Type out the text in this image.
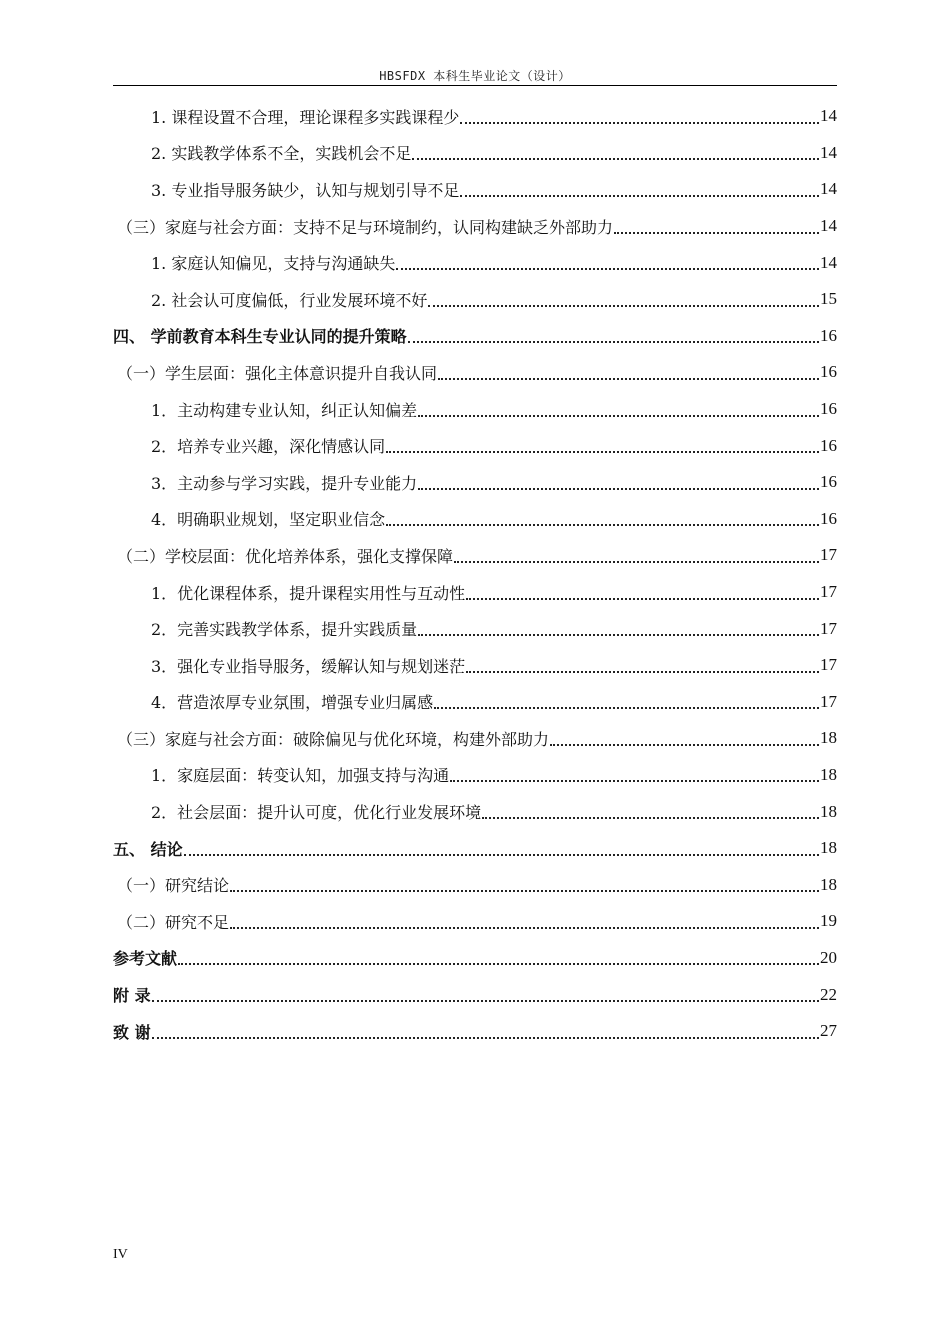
HBSFDX 本科生毕业论文（设计）
1. 课程设置不合理，理论课程多实践课程少	14
2. 实践教学体系不全，实践机会不足	14
3. 专业指导服务缺少，认知与规划引导不足	14
（三）家庭与社会方面：支持不足与环境制约，认同构建缺乏外部助力	14
1. 家庭认知偏见，支持与沟通缺失	14
2. 社会认可度偏低，行业发展环境不好	15
四、 学前教育本科生专业认同的提升策略	16
（一）学生层面：强化主体意识提升自我认同	16
1．主动构建专业认知，纠正认知偏差	16
2．培养专业兴趣，深化情感认同	16
3．主动参与学习实践，提升专业能力	16
4．明确职业规划，坚定职业信念	16
（二）学校层面：优化培养体系，强化支撑保障	17
1．优化课程体系，提升课程实用性与互动性	17
2．完善实践教学体系，提升实践质量	17
3．强化专业指导服务，缓解认知与规划迷茫	17
4．营造浓厚专业氛围，增强专业归属感	17
（三）家庭与社会方面：破除偏见与优化环境，构建外部助力	18
1．家庭层面：转变认知，加强支持与沟通	18
2．社会层面：提升认可度，优化行业发展环境	18
五、 结论	18
（一）研究结论	18
（二）研究不足	19
参考文献	20
附 录	22
致 谢	27
IV
